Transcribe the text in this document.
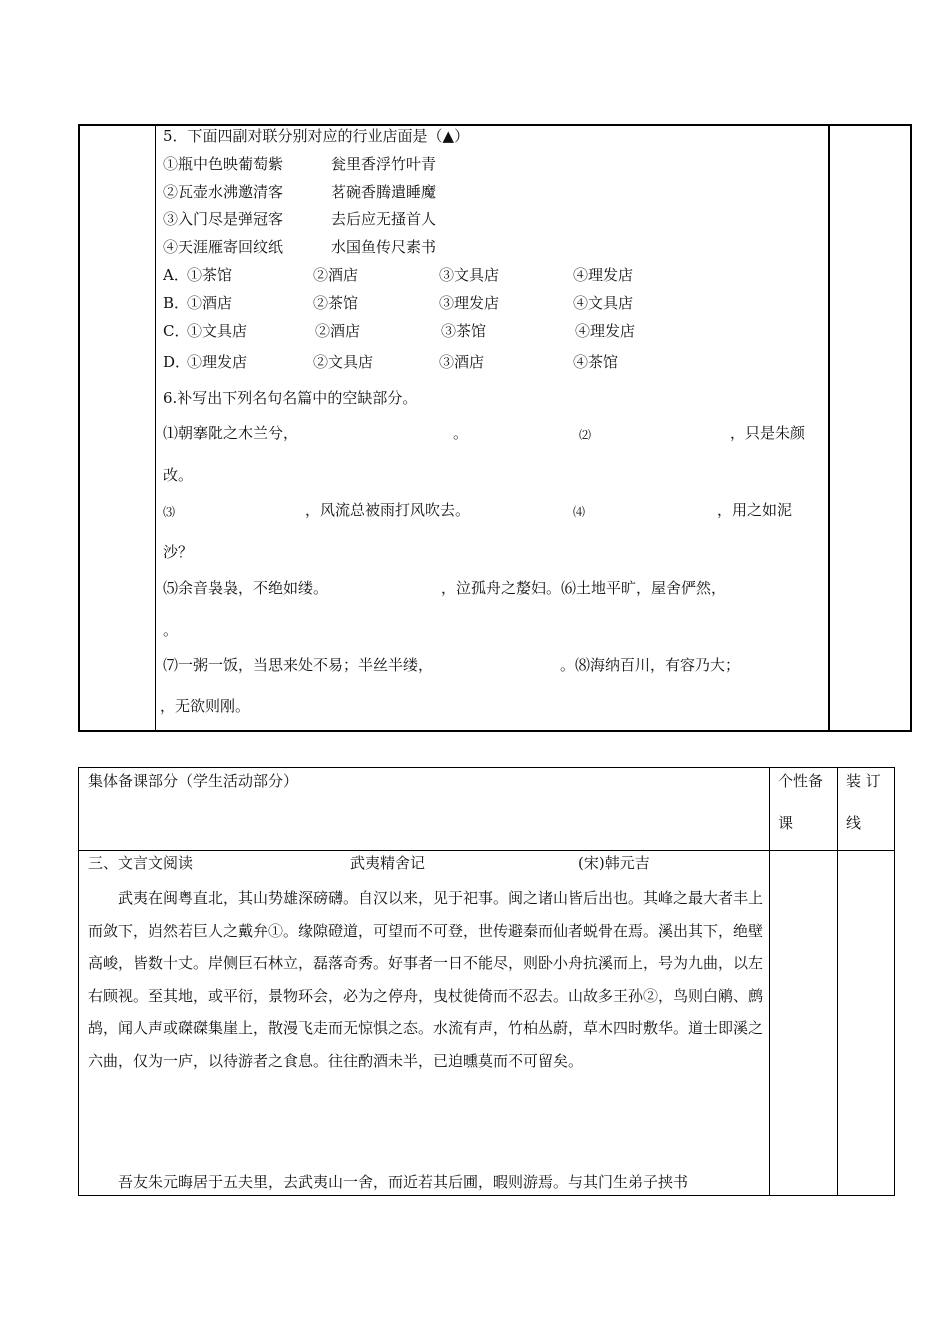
5．下面四副对联分别对应的行业店面是（▲）
①瓶中色映葡萄紫	瓮里香浮竹叶青
②瓦壶水沸邀清客	茗碗香腾遣睡魔
③入门尽是弹冠客	去后应无搔首人
④天涯雁寄回纹纸	水国鱼传尺素书
A．
①茶馆	②酒店	③文具店	④理发店
B．
①酒店	②茶馆	③理发店	④文具店
C．
①文具店	②酒店	③茶馆	④理发店
D．
①理发店	②文具店	③酒店	④茶馆
6.补写出下列名句名篇中的空缺部分。
⑴朝搴阰之木兰兮，	。	⑵	，只是朱颜
改。
⑶	，风流总被雨打风吹去。	⑷	，用之如泥
沙？
⑸余音袅袅，不绝如缕。	，泣孤舟之嫠妇。⑹土地平旷，屋舍俨然，
。
⑺一粥一饭，当思来处不易；半丝半缕，	。⑻海纳百川，有容乃大；
，无欲则刚。
集体备课部分（学生活动部分）	个性备
课
装 订
线
三、文言文阅读	武夷精舍记	(宋)韩元吉
武夷在闽粤直北，其山势雄深磅礴。自汉以来，见于祀事。闽之诸山皆后出也。其峰之最大者丰上而敛下，岿然若巨人之戴弁①。缘隙磴道，可望而不可登，世传避秦而仙者蜕骨在焉。溪出其下，绝壁高峻，皆数十丈。岸侧巨石林立，磊落奇秀。好事者一日不能尽，则卧小舟抗溪而上，号为九曲，以左右顾视。至其地，或平衍，景物环会，必为之停舟，曳杖徙倚而不忍去。山故多王孙②，鸟则白鹇、鹧鸪，闻人声或磔磔集崖上，散漫飞走而无惊惧之态。水流有声，竹柏丛蔚，草木四时敷华。道士即溪之六曲，仅为一庐，以待游者之食息。往往酌酒未半，已迫曛莫而不可留矣。
吾友朱元晦居于五夫里，去武夷山一舍，而近若其后圃，暇则游焉。与其门生弟子挟书
